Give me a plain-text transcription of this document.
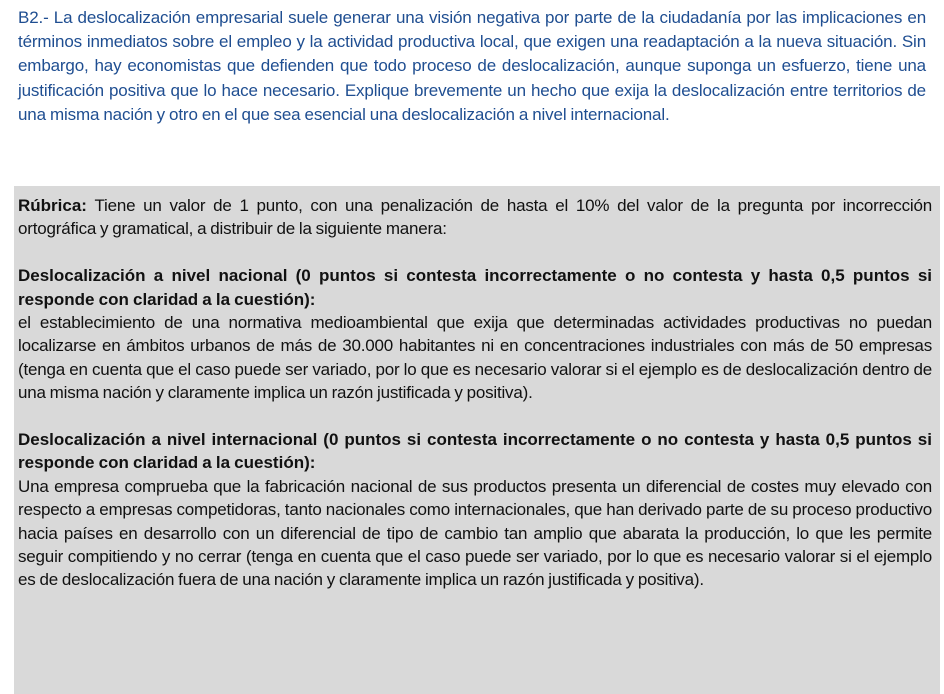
B2.- La deslocalización empresarial suele generar una visión negativa por parte de la ciudadanía por las implicaciones en términos inmediatos sobre el empleo y la actividad productiva local, que exigen una readaptación a la nueva situación. Sin embargo, hay economistas que defienden que todo proceso de deslocalización, aunque suponga un esfuerzo, tiene una justificación positiva que lo hace necesario. Explique brevemente un hecho que exija la deslocalización entre territorios de una misma nación y otro en el que sea esencial una deslocalización a nivel internacional.

Rúbrica: Tiene un valor de 1 punto, con una penalización de hasta el 10% del valor de la pregunta por incorrección ortográfica y gramatical, a distribuir de la siguiente manera:

Deslocalización a nivel nacional (0 puntos si contesta incorrectamente o no contesta y hasta 0,5 puntos si responde con claridad a la cuestión):

el establecimiento de una normativa medioambiental que exija que determinadas actividades productivas no puedan localizarse en ámbitos urbanos de más de 30.000 habitantes ni en concentraciones industriales con más de 50 empresas (tenga en cuenta que el caso puede ser variado, por lo que es necesario valorar si el ejemplo es de deslocalización dentro de una misma nación y claramente implica un razón justificada y positiva).

Deslocalización a nivel internacional (0 puntos si contesta incorrectamente o no contesta y hasta 0,5 puntos si responde con claridad a la cuestión):

Una empresa comprueba que la fabricación nacional de sus productos presenta un diferencial de costes muy elevado con respecto a empresas competidoras, tanto nacionales como internacionales, que han derivado parte de su proceso productivo hacia países en desarrollo con un diferencial de tipo de cambio tan amplio que abarata la producción, lo que les permite seguir compitiendo y no cerrar (tenga en cuenta que el caso puede ser variado, por lo que es necesario valorar si el ejemplo es de deslocalización fuera de una nación y claramente implica un razón justificada y positiva).
